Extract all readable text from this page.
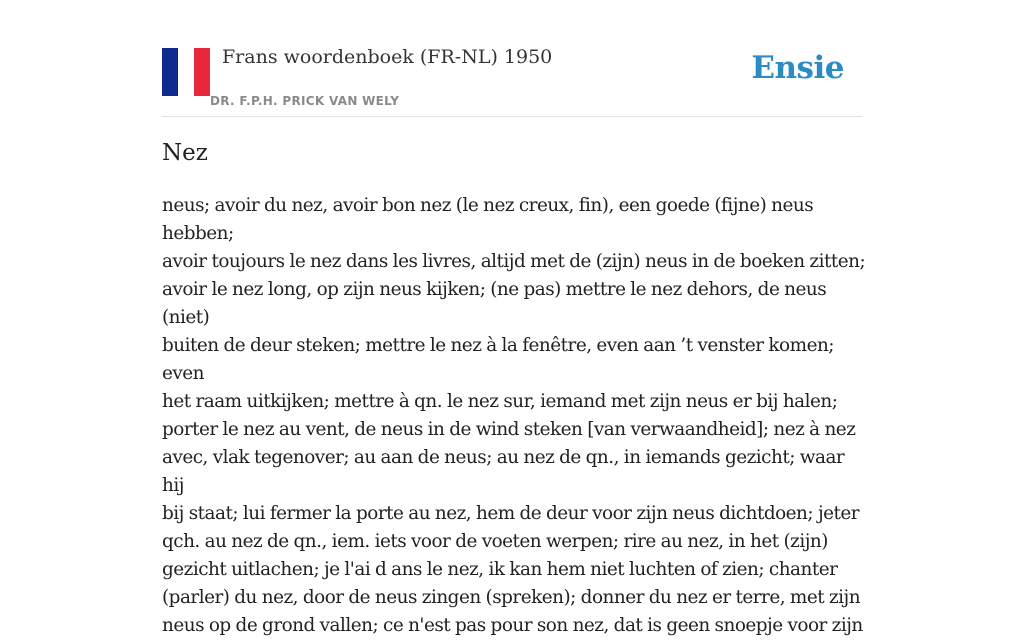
Frans woordenboek (FR-NL) 1950
DR. F.P.H. PRICK VAN WELY
Ensie
Nez

neus; avoir du nez, avoir bon nez (le nez creux, fin), een goede (fijne) neus hebben;
avoir toujours le nez dans les livres, altijd met de (zijn) neus in de boeken zitten;
avoir le nez long, op zijn neus kijken; (ne pas) mettre le nez dehors, de neus (niet)
buiten de deur steken; mettre le nez à la fenêtre, even aan ’t venster komen; even
het raam uitkijken; mettre à qn. le nez sur, iemand met zijn neus er bij halen;
porter le nez au vent, de neus in de wind steken [van verwaandheid]; nez à nez
avec, vlak tegenover; au aan de neus; au nez de qn., in iemands gezicht; waar hij
bij staat; lui fermer la porte au nez, hem de deur voor zijn neus dichtdoen; jeter
qch. au nez de qn., iem. iets voor de voeten werpen; rire au nez, in het (zijn)
gezicht uitlachen; je l'ai d ans le nez, ik kan hem niet luchten of zien; chanter
(parler) du nez, door de neus zingen (spreken); donner du nez er terre, met zijn
neus op de grond vallen; ce n'est pas pour son nez, dat is geen snoepje voor zijn
